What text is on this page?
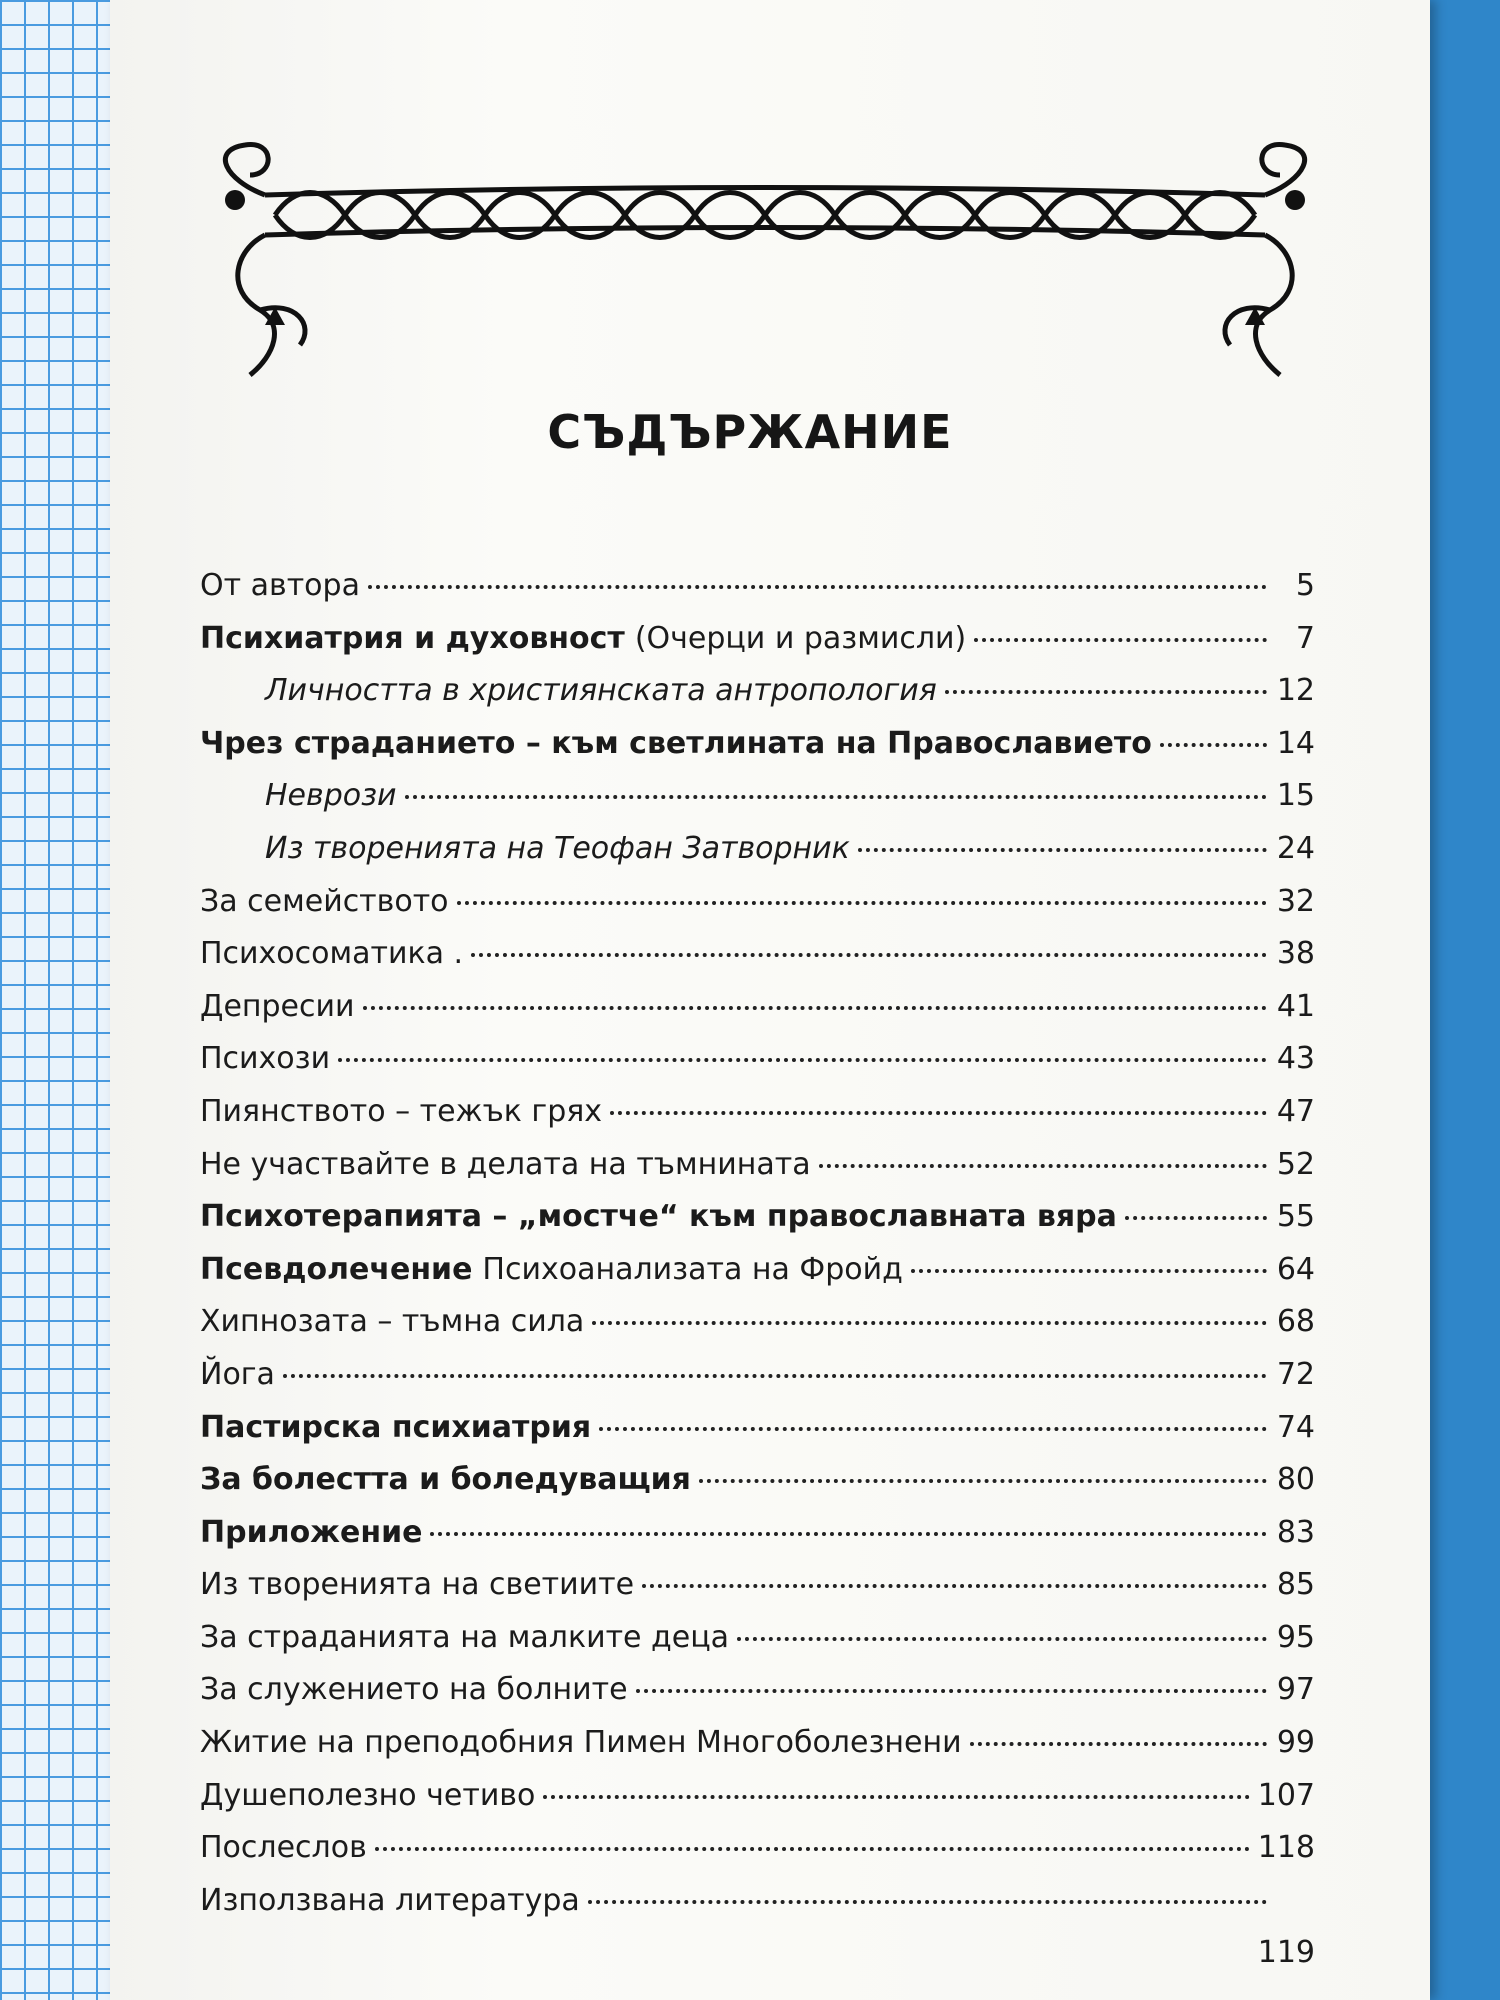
СЪДЪРЖАНИЕ
От автора	5
Психиатрия и духовност (Очерци и размисли)	7
Личността в християнската антропология	12
Чрез страданието – към светлината на Православието	14
Неврози	15
Из творенията на Теофан Затворник	24
За семейството	32
Психосоматика .	38
Депресии	41
Психози	43
Пиянството – тежък грях	47
Не участвайте в делата на тъмнината	52
Психотерапията – „мостче“ към православната вяра	55
Псевдолечение Психоанализата на Фройд	64
Хипнозата – тъмна сила	68
Йога	72
Пастирска психиатрия	74
За болестта и боледуващия	80
Приложение	83
Из творенията на светиите	85
За страданията на малките деца	95
За служението на болните	97
Житие на преподобния Пимен Многоболезнени	99
Душеполезно четиво	107
Послеслов	118
Използвана литература
119
